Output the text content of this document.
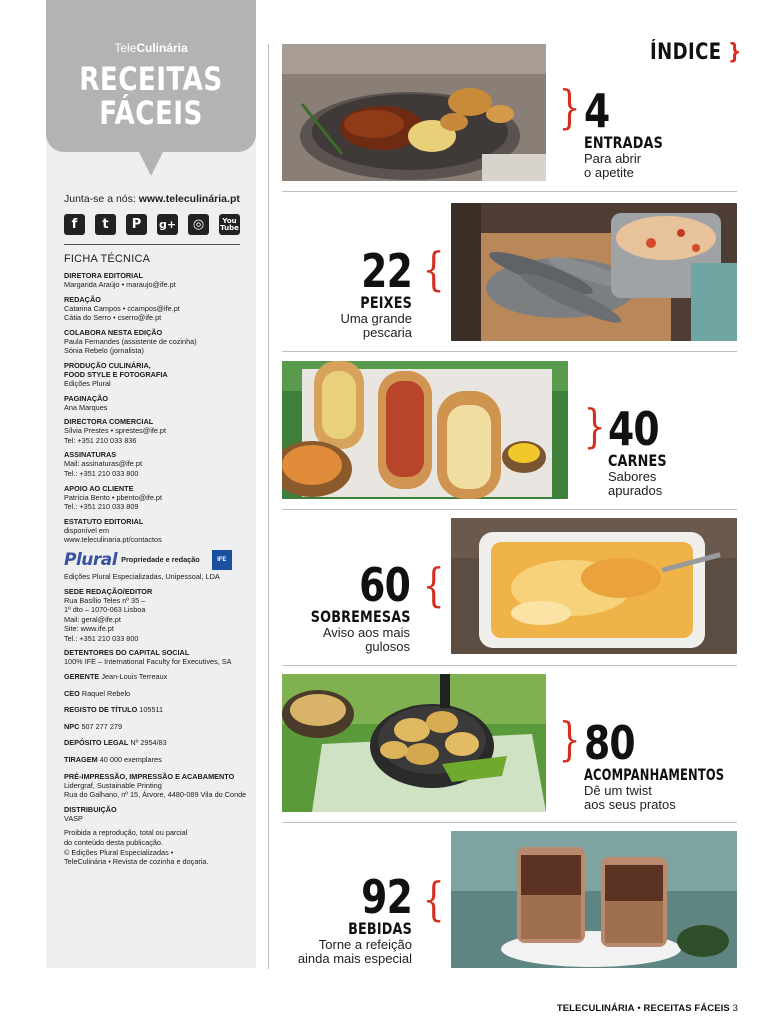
TeleCulinária
RECEITAS
FÁCEIS
Junta-se a nós: www.teleculinária.pt
f	t	P	g+	◎	You
Tube
FICHA TÉCNICA
DIRETORA EDITORIAL
Margarida Araújo • maraujo@ife.pt
REDAÇÃO
Catarina Campos • ccampos@ife.pt
Cátia do Serro • cserro@ife.pt
COLABORA NESTA EDIÇÃO
Paula Fernandes (assistente de cozinha)
Sónia Rebelo (jornalista)
PRODUÇÃO CULINÁRIA,
FOOD STYLE E FOTOGRAFIA
Edições Plural
PAGINAÇÃO
Ana Marques
DIRECTORA COMERCIAL
Sílvia Prestes • sprestes@ife.pt
Tel: +351 210 033 836
ASSINATURAS
Mail: assinaturas@ife.pt
Tel.: +351 210 033 800
APOIO AO CLIENTE
Patrícia Bento • pbento@ife.pt
Tel.: +351 210 033 809
ESTATUTO EDITORIAL
disponível em
www.teleculinaria.pt/contactos
Plural Propriedade e redação	IFE
Edições Plural Especializadas, Unipessoal, LDA
SEDE REDAÇÃO/EDITOR
Rua Basílio Teles nº 35 –
1º dto – 1070-063 Lisboa
Mail: geral@ife.pt
Site: www.ife.pt
Tel.: +351 210 033 800
DETENTORES DO CAPITAL SOCIAL
100% IFE – International Faculty for Executives, SA
GERENTE Jean-Louis Terreaux
CEO Raquel Rebelo
REGISTO DE TÍTULO 105511
NPC 507 277 279
DEPÓSITO LEGAL Nº 2954/83
TIRAGEM 40 000 exemplares
PRÉ-IMPRESSÃO, IMPRESSÃO E ACABAMENTO
Lidergraf, Sustainable Printing
Rua do Galhano, nº 15, Árvore, 4480-089 Vila do Conde
DISTRIBUIÇÃO
VASP
Proibida a reprodução, total ou parcial
do conteúdo desta publicação.
© Edições Plural Especializadas •
TeleCulinária • Revista de cozinha e doçaria.
ÍNDICE }
} 4
ENTRADAS
Para abrir
o apetite
22
PEIXES
Uma grande
pescaria
{
} 40
CARNES
Sabores
apurados
60
SOBREMESAS
Aviso aos mais
gulosos
{
} 80
ACOMPANHAMENTOS
Dê um twist
aos seus pratos
92
BEBIDAS
Torne a refeição
ainda mais especial
{
TELECULINÁRIA • RECEITAS FÁCEIS 3
